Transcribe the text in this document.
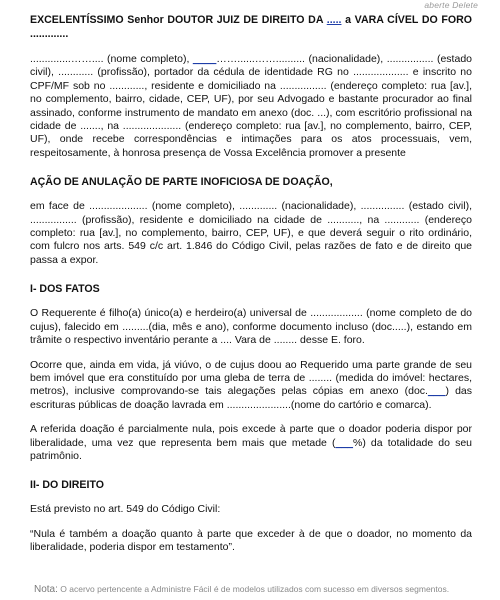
aberte Delete

EXCELENTÍSSIMO Senhor DOUTOR JUIZ DE DIREITO DA ..... a VARA CÍVEL DO FORO .............

..............…….... (nome completo), ____……......…….......... (nacionalidade), ................ (estado civil), ............ (profissão), portador da cédula de identidade RG no ................... e inscrito no CPF/MF sob no ............, residente e domiciliado na ................ (endereço completo: rua [av.], no complemento, bairro, cidade, CEP, UF), por seu Advogado e bastante procurador ao final assinado, conforme instrumento de mandato em anexo (doc. ...), com escritório profissional na cidade de ......., na .................... (endereço completo: rua [av.], no complemento, bairro, CEP, UF), onde recebe correspondências e intimações para os atos processuais, vem, respeitosamente, à honrosa presença de Vossa Excelência promover a presente

AÇÃO DE ANULAÇÃO DE PARTE INOFICIOSA DE DOAÇÃO,

em face de .................... (nome completo), ............. (nacionalidade), ............... (estado civil), ................ (profissão), residente e domiciliado na cidade de ..........., na ............ (endereço completo: rua [av.], no complemento, bairro, CEP, UF), e que deverá seguir o rito ordinário, com fulcro nos arts. 549 c/c art. 1.846 do Código Civil, pelas razões de fato e de direito que passa a expor.

I- DOS FATOS

O Requerente é filho(a) único(a) e herdeiro(a) universal de .................. (nome completo de do cujus), falecido em .........(dia, mês e ano), conforme documento incluso (doc.....), estando em trâmite o respectivo inventário perante a .... Vara de ........ desse E. foro.

Ocorre que, ainda em vida, já viúvo, o de cujus doou ao Requerido uma parte grande de seu bem imóvel que era constituído por uma gleba de terra de ........ (medida do imóvel: hectares, metros), inclusive comprovando-se tais alegações pelas cópias em anexo (doc.___) das escrituras públicas de doação lavrada em ......................(nome do cartório e comarca).

A referida doação é parcialmente nula, pois excede à parte que o doador poderia dispor por liberalidade, uma vez que representa bem mais que metade (___%) da totalidade do seu patrimônio.

II- DO DIREITO

Está previsto no art. 549 do Código Civil:

“Nula é também a doação quanto à parte que exceder à de que o doador, no momento da liberalidade, poderia dispor em testamento”.

Nota: O acervo pertencente a Administre Fácil é de modelos utilizados com sucesso em diversos segmentos.
